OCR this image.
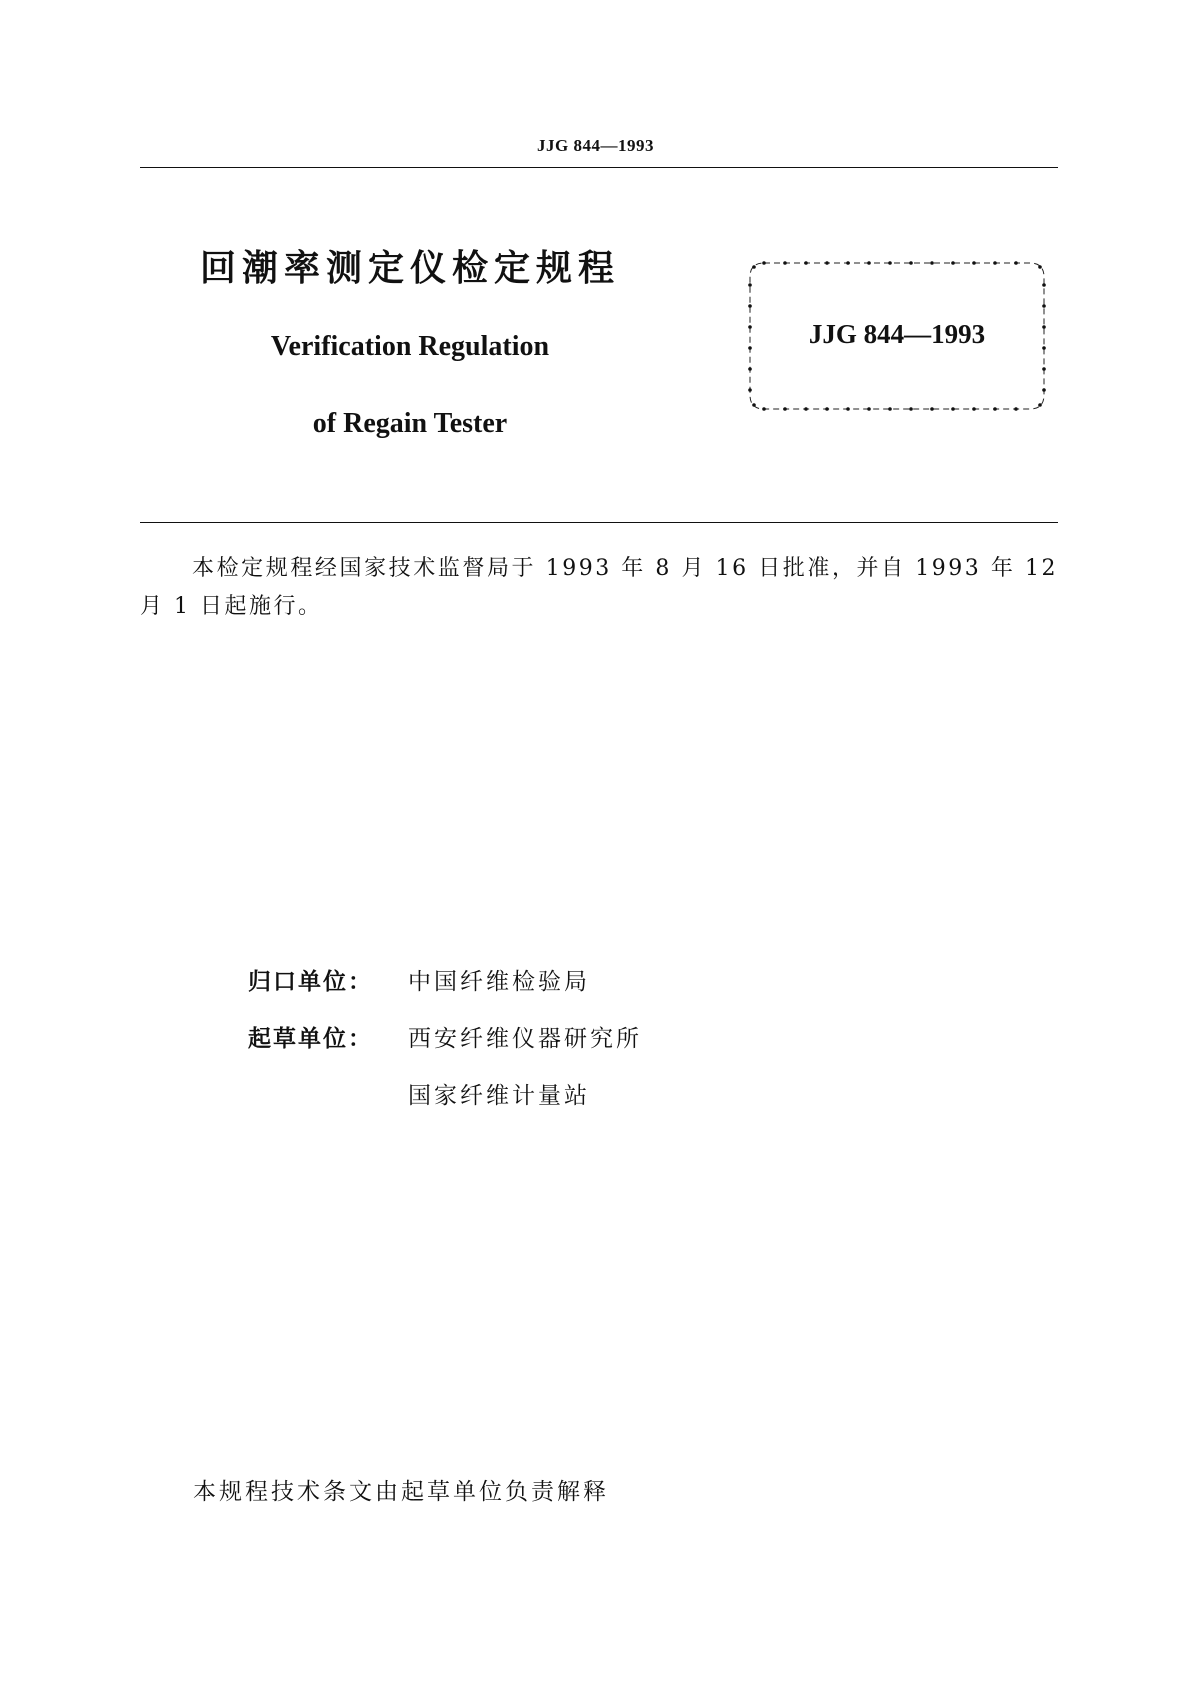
JJG 844—1993
回潮率测定仪检定规程
Verification Regulation
of Regain Tester
JJG 844—1993
本检定规程经国家技术监督局于 1993 年 8 月 16 日批准，并自 1993 年 12 月 1 日起施行。
归口单位： 中国纤维检验局
起草单位： 西安纤维仪器研究所
国家纤维计量站
本规程技术条文由起草单位负责解释
